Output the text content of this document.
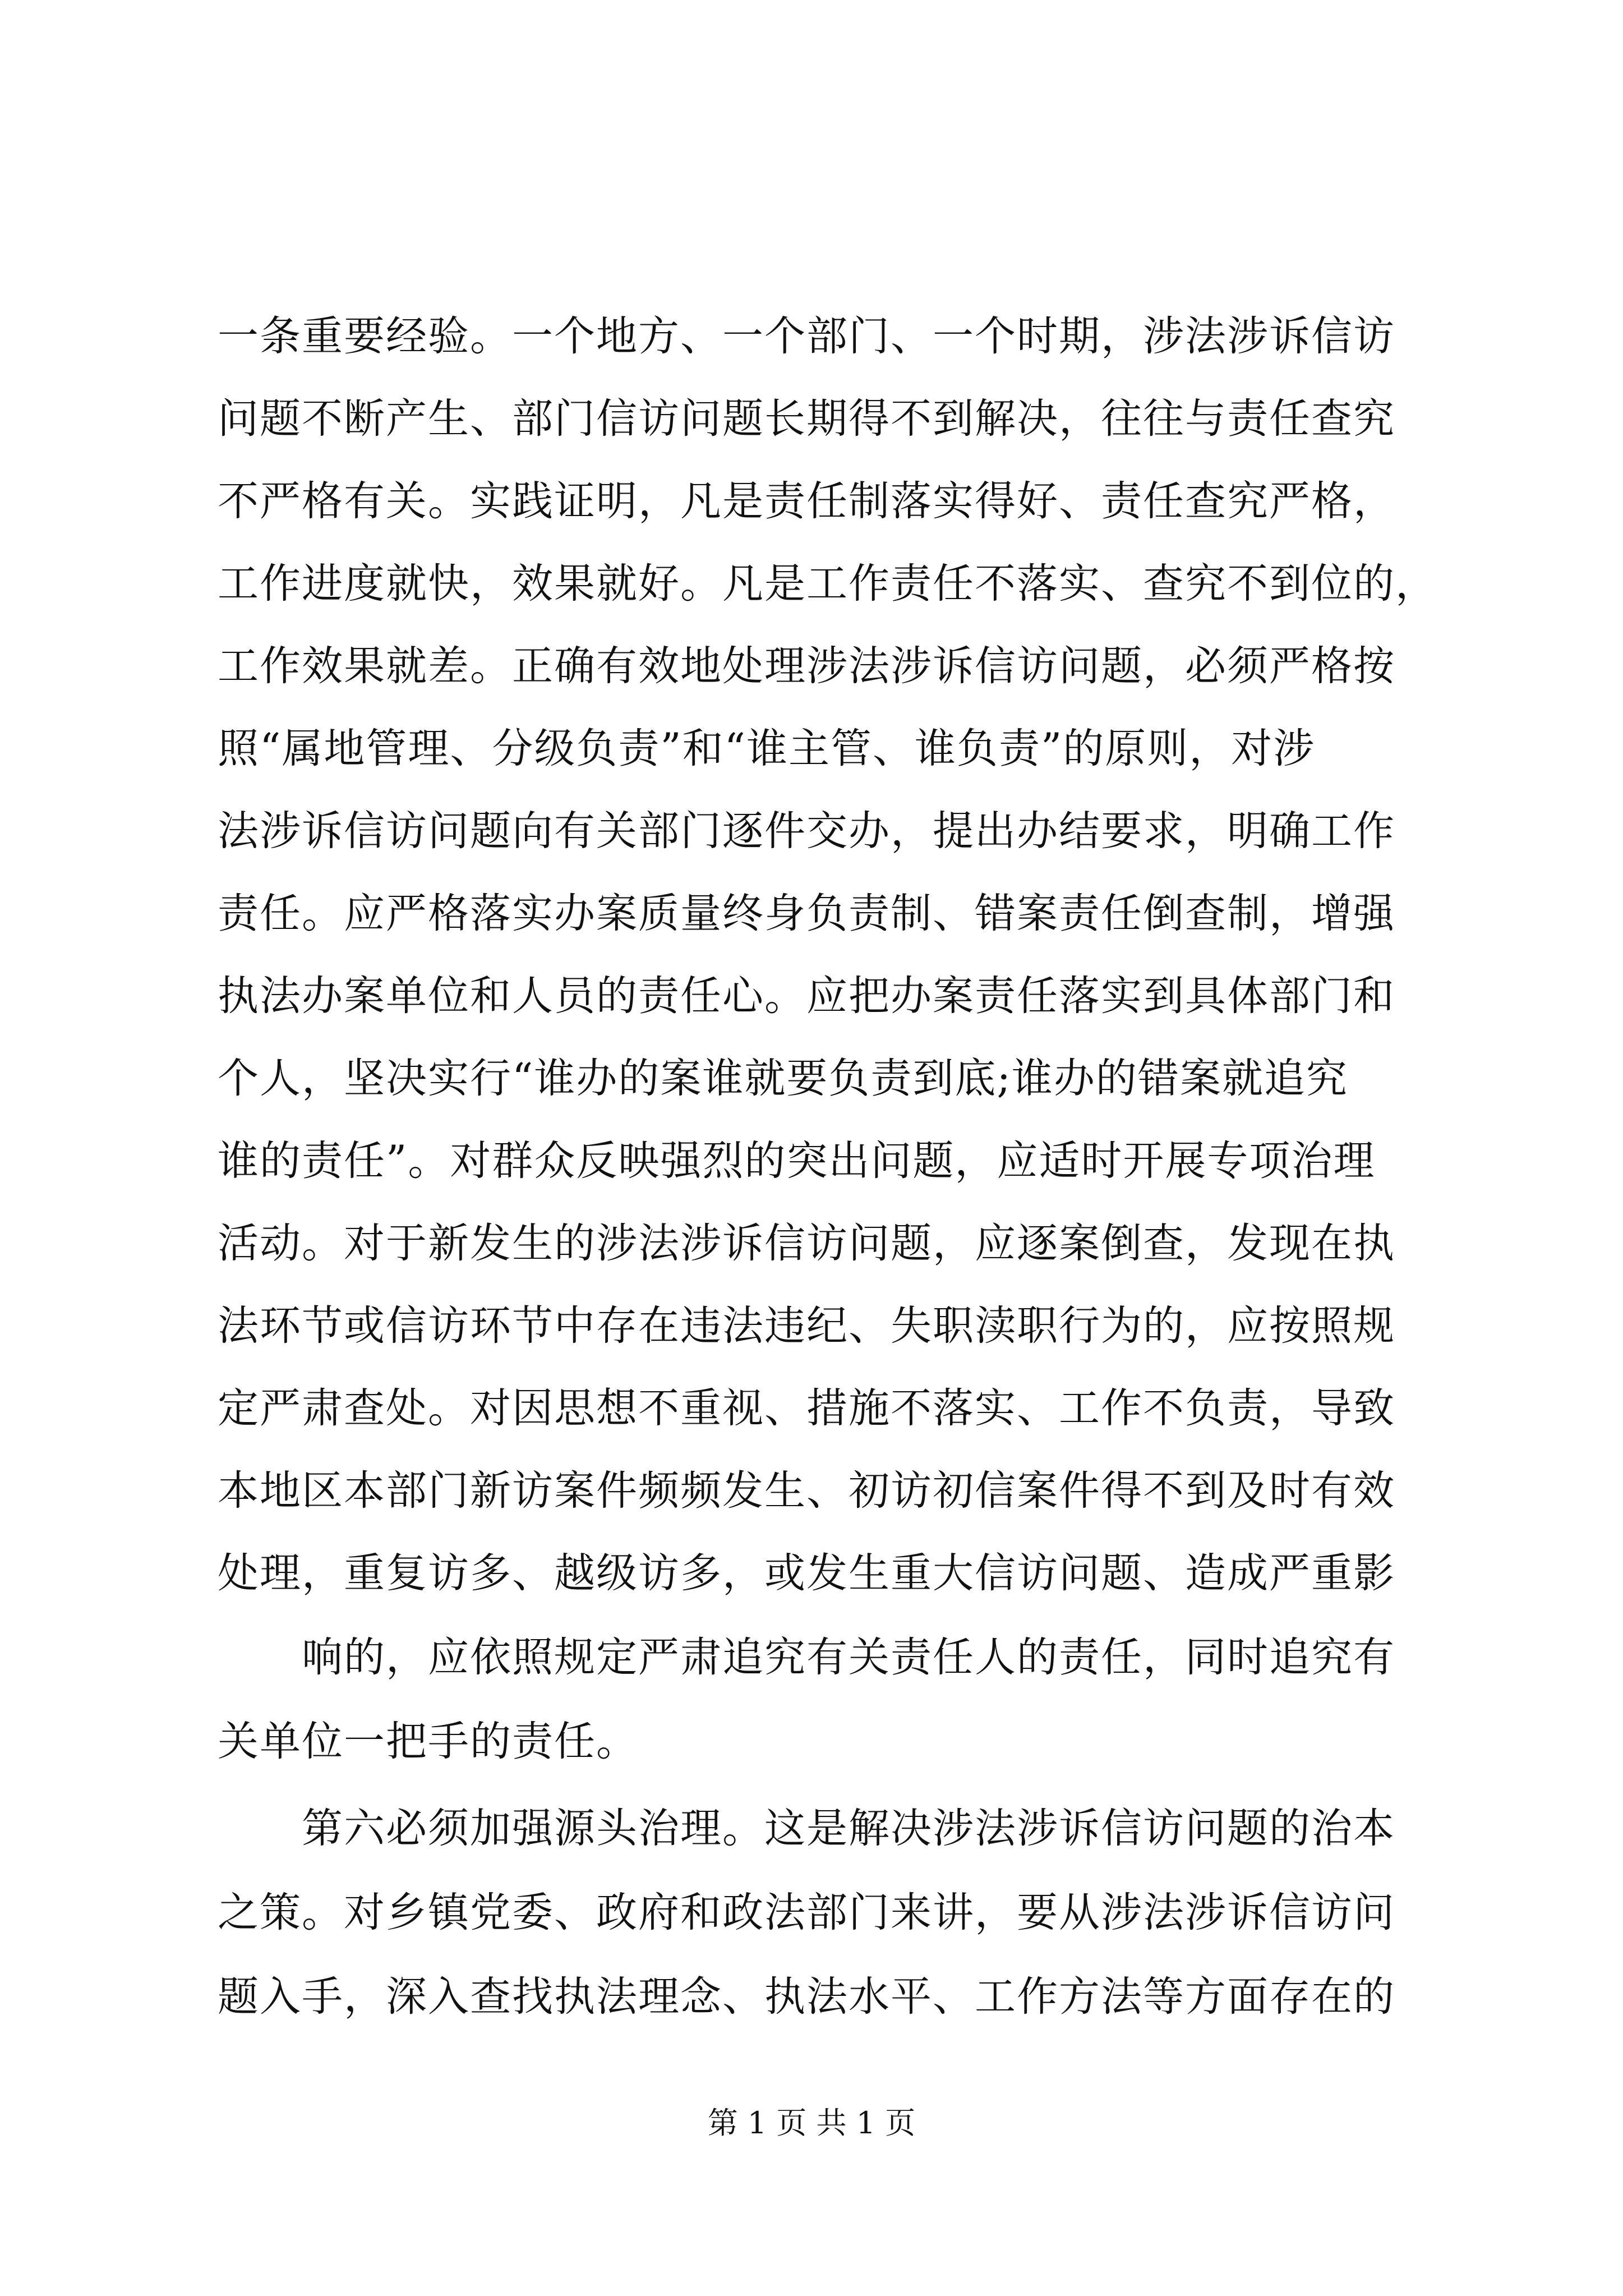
一条重要经验。一个地方、一个部门、一个时期，涉法涉诉信访
问题不断产生、部门信访问题长期得不到解决，往往与责任查究
不严格有关。实践证明，凡是责任制落实得好、责任查究严格，
工作进度就快，效果就好。凡是工作责任不落实、查究不到位的，
工作效果就差。正确有效地处理涉法涉诉信访问题，必须严格按
照“属地管理、分级负责”和“谁主管、谁负责”的原则，对涉
法涉诉信访问题向有关部门逐件交办，提出办结要求，明确工作
责任。应严格落实办案质量终身负责制、错案责任倒查制，增强
执法办案单位和人员的责任心。应把办案责任落实到具体部门和
个人，坚决实行“谁办的案谁就要负责到底;谁办的错案就追究
谁的责任”。对群众反映强烈的突出问题，应适时开展专项治理
活动。对于新发生的涉法涉诉信访问题，应逐案倒查，发现在执
法环节或信访环节中存在违法违纪、失职渎职行为的，应按照规
定严肃查处。对因思想不重视、措施不落实、工作不负责，导致
本地区本部门新访案件频频发生、初访初信案件得不到及时有效
处理，重复访多、越级访多，或发生重大信访问题、造成严重影
响的，应依照规定严肃追究有关责任人的责任，同时追究有
关单位一把手的责任。
第六必须加强源头治理。这是解决涉法涉诉信访问题的治本
之策。对乡镇党委、政府和政法部门来讲，要从涉法涉诉信访问
题入手，深入查找执法理念、执法水平、工作方法等方面存在的
第 1 页 共 1 页
